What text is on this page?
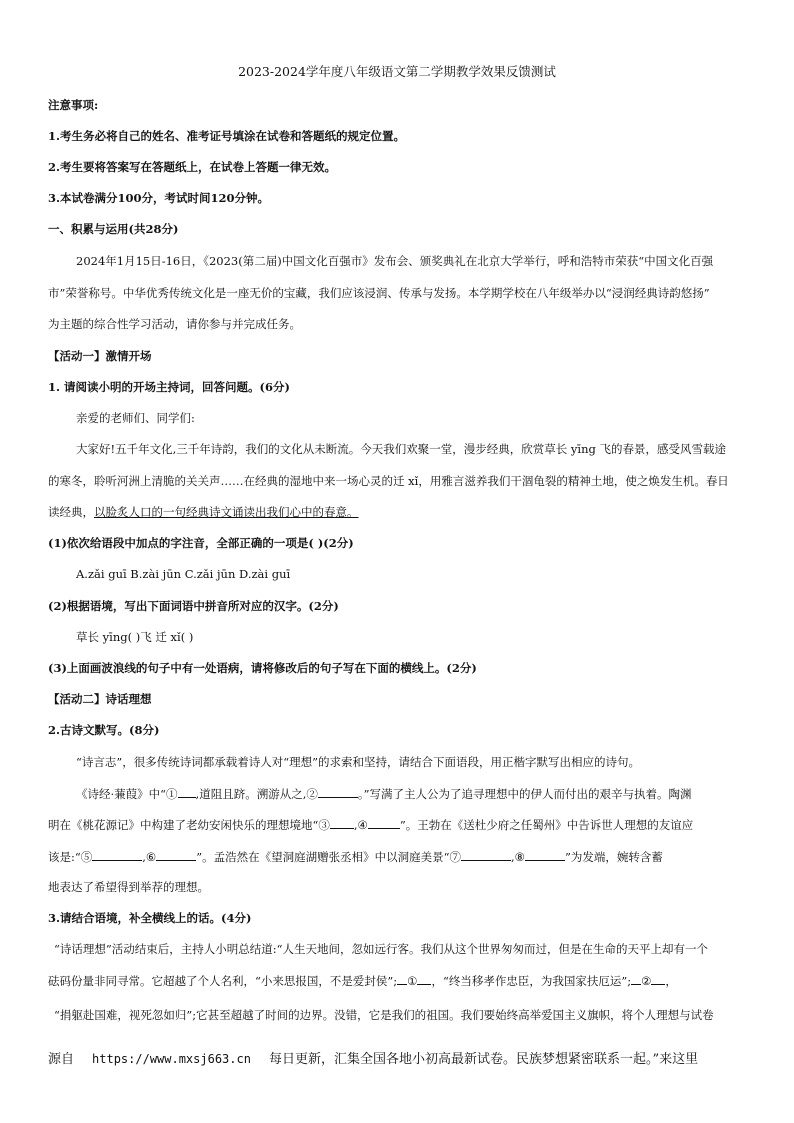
2023-2024学年度八年级语文第二学期教学效果反馈测试
注意事项:
1.考生务必将自己的姓名、准考证号填涂在试卷和答题纸的规定位置。
2.考生要将答案写在答题纸上，在试卷上答题一律无效。
3.本试卷满分100分，考试时间120分钟。
一、积累与运用(共28分)
2024年1月15日-16日，《2023(第二届)中国文化百强市》发布会、颁奖典礼在北京大学举行，呼和浩特市荣获“中国文化百强
市”荣誉称号。中华优秀传统文化是一座无价的宝藏，我们应该浸润、传承与发扬。本学期学校在八年级举办以“浸润经典诗韵悠扬”
为主题的综合性学习活动，请你参与并完成任务。
【活动一】激情开场
1. 请阅读小明的开场主持词，回答问题。(6分)
亲爱的老师们、同学们:
大家好!五千年文化,三千年诗韵，我们的文化从未断流。今天我们欢聚一堂，漫步经典，欣赏草长 yīng 飞的春景，感受风雪载途
的寒冬，聆听河洲上清脆的关关声……在经典的湿地中来一场心灵的迁 xǐ，用雅言滋养我们干涸龟裂的精神土地，使之焕发生机。春日
读经典，以脸炙人口的一句经典诗文诵读出我们心中的春意。
(1)依次给语段中加点的字注音，全部正确的一项是( )(2分)
A.zǎi guī B.zài jūn C.zǎi jūn D.zài guī
(2)根据语境，写出下面词语中拼音所对应的汉字。(2分)
草长 yīng( )飞 迁 xǐ( )
(3)上面画波浪线的句子中有一处语病，请将修改后的句子写在下面的横线上。(2分)
【活动二】诗话理想
2.古诗文默写。(8分)
“诗言志”，很多传统诗词都承载着诗人对“理想”的求索和坚持，请结合下面语段，用正楷字默写出相应的诗句。
《诗经·蒹葭》中“① ,道阻且跻。溯游从之,②	。”写满了主人公为了追寻理想中的伊人而付出的艰辛与执着。陶渊
明在《桃花源记》中构建了老幼安闲快乐的理想境地“③ ,④	”。王勃在《送杜少府之任蜀州》中告诉世人理想的友谊应
该是:“⑤	,⑥	”。孟浩然在《望洞庭湖赠张丞相》中以洞庭美景“⑦	,⑧	”为发端，婉转含蓄
地表达了希望得到举荐的理想。
3.请结合语境，补全横线上的话。(4分)
“诗话理想”活动结束后，主持人小明总结道:“人生天地间，忽如远行客。我们从这个世界匆匆而过，但是在生命的天平上却有一个
砝码份量非同寻常。它超越了个人名利，“小来思报国，不是爱封侯”; ① ，“终当移孝作忠臣，为我国家扶厄运”; ② ，
“捐躯赴国难，视死忽如归”;它甚至超越了时间的边界。没错，它是我们的祖国。我们要始终高举爱国主义旗帜，将个人理想与试卷
源自 https://www.mxsj663.cn 每日更新，汇集全国各地小初高最新试卷。民族梦想紧密联系一起。”来这里
